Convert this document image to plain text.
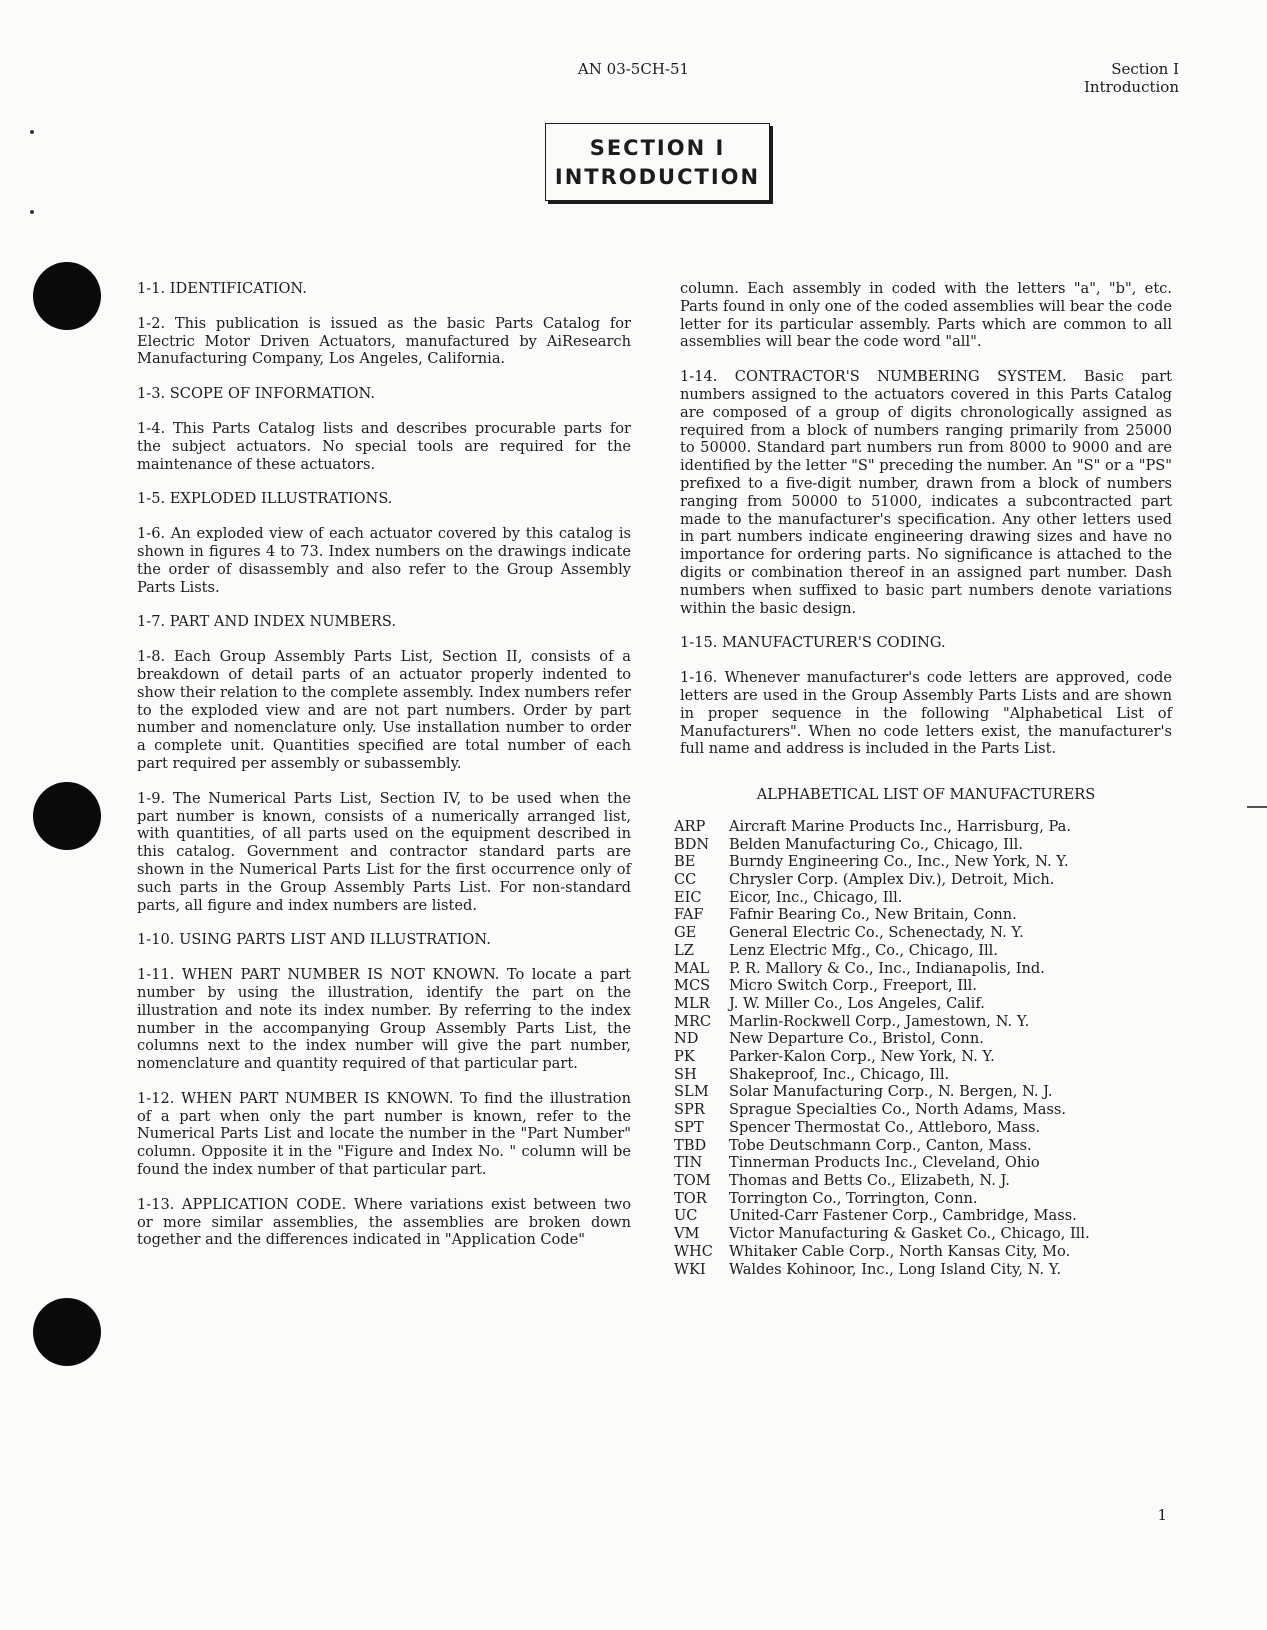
AN 03-5CH-51	Section I
Introduction
SECTION I
INTRODUCTION

1-1. IDENTIFICATION.

1-2. This publication is issued as the basic Parts Catalog for Electric Motor Driven Actuators, manufactured by AiResearch Manufacturing Company, Los Angeles, California.

1-3. SCOPE OF INFORMATION.

1-4. This Parts Catalog lists and describes procurable parts for the subject actuators. No special tools are required for the maintenance of these actuators.

1-5. EXPLODED ILLUSTRATIONS.

1-6. An exploded view of each actuator covered by this catalog is shown in figures 4 to 73. Index numbers on the drawings indicate the order of disassembly and also refer to the Group Assembly Parts Lists.

1-7. PART AND INDEX NUMBERS.

1-8. Each Group Assembly Parts List, Section II, consists of a breakdown of detail parts of an actuator properly indented to show their relation to the complete assembly. Index numbers refer to the exploded view and are not part numbers. Order by part number and nomenclature only. Use installation number to order a complete unit. Quantities specified are total number of each part required per assembly or subassembly.

1-9. The Numerical Parts List, Section IV, to be used when the part number is known, consists of a numerically arranged list, with quantities, of all parts used on the equipment described in this catalog. Government and contractor standard parts are shown in the Numerical Parts List for the first occurrence only of such parts in the Group Assembly Parts List. For non-standard parts, all figure and index numbers are listed.

1-10. USING PARTS LIST AND ILLUSTRATION.

1-11. WHEN PART NUMBER IS NOT KNOWN. To locate a part number by using the illustration, identify the part on the illustration and note its index number. By referring to the index number in the accompanying Group Assembly Parts List, the columns next to the index number will give the part number, nomenclature and quantity required of that particular part.

1-12. WHEN PART NUMBER IS KNOWN. To find the illustration of a part when only the part number is known, refer to the Numerical Parts List and locate the number in the "Part Number" column. Opposite it in the "Figure and Index No. " column will be found the index number of that particular part.

1-13. APPLICATION CODE. Where variations exist between two or more similar assemblies, the assemblies are broken down together and the differences indicated in "Application Code"

column. Each assembly in coded with the letters "a", "b", etc. Parts found in only one of the coded assemblies will bear the code letter for its particular assembly. Parts which are common to all assemblies will bear the code word "all".

1-14. CONTRACTOR'S NUMBERING SYSTEM. Basic part numbers assigned to the actuators covered in this Parts Catalog are composed of a group of digits chronologically assigned as required from a block of numbers ranging primarily from 25000 to 50000. Standard part numbers run from 8000 to 9000 and are identified by the letter "S" preceding the number. An "S" or a "PS" prefixed to a five-digit number, drawn from a block of numbers ranging from 50000 to 51000, indicates a subcontracted part made to the manufacturer's specification. Any other letters used in part numbers indicate engineering drawing sizes and have no importance for ordering parts. No significance is attached to the digits or combination thereof in an assigned part number. Dash numbers when suffixed to basic part numbers denote variations within the basic design.

1-15. MANUFACTURER'S CODING.

1-16. Whenever manufacturer's code letters are approved, code letters are used in the Group Assembly Parts Lists and are shown in proper sequence in the following "Alphabetical List of Manufacturers". When no code letters exist, the manufacturer's full name and address is included in the Parts List.

ALPHABETICAL LIST OF MANUFACTURERS
ARP	Aircraft Marine Products Inc., Harrisburg, Pa.
BDN	Belden Manufacturing Co., Chicago, Ill.
BE	Burndy Engineering Co., Inc., New York, N. Y.
CC	Chrysler Corp. (Amplex Div.), Detroit, Mich.
EIC	Eicor, Inc., Chicago, Ill.
FAF	Fafnir Bearing Co., New Britain, Conn.
GE	General Electric Co., Schenectady, N. Y.
LZ	Lenz Electric Mfg., Co., Chicago, Ill.
MAL	P. R. Mallory & Co., Inc., Indianapolis, Ind.
MCS	Micro Switch Corp., Freeport, Ill.
MLR	J. W. Miller Co., Los Angeles, Calif.
MRC	Marlin-Rockwell Corp., Jamestown, N. Y.
ND	New Departure Co., Bristol, Conn.
PK	Parker-Kalon Corp., New York, N. Y.
SH	Shakeproof, Inc., Chicago, Ill.
SLM	Solar Manufacturing Corp., N. Bergen, N. J.
SPR	Sprague Specialties Co., North Adams, Mass.
SPT	Spencer Thermostat Co., Attleboro, Mass.
TBD	Tobe Deutschmann Corp., Canton, Mass.
TIN	Tinnerman Products Inc., Cleveland, Ohio
TOM	Thomas and Betts Co., Elizabeth, N. J.
TOR	Torrington Co., Torrington, Conn.
UC	United-Carr Fastener Corp., Cambridge, Mass.
VM	Victor Manufacturing & Gasket Co., Chicago, Ill.
WHC	Whitaker Cable Corp., North Kansas City, Mo.
WKI	Waldes Kohinoor, Inc., Long Island City, N. Y.
1
